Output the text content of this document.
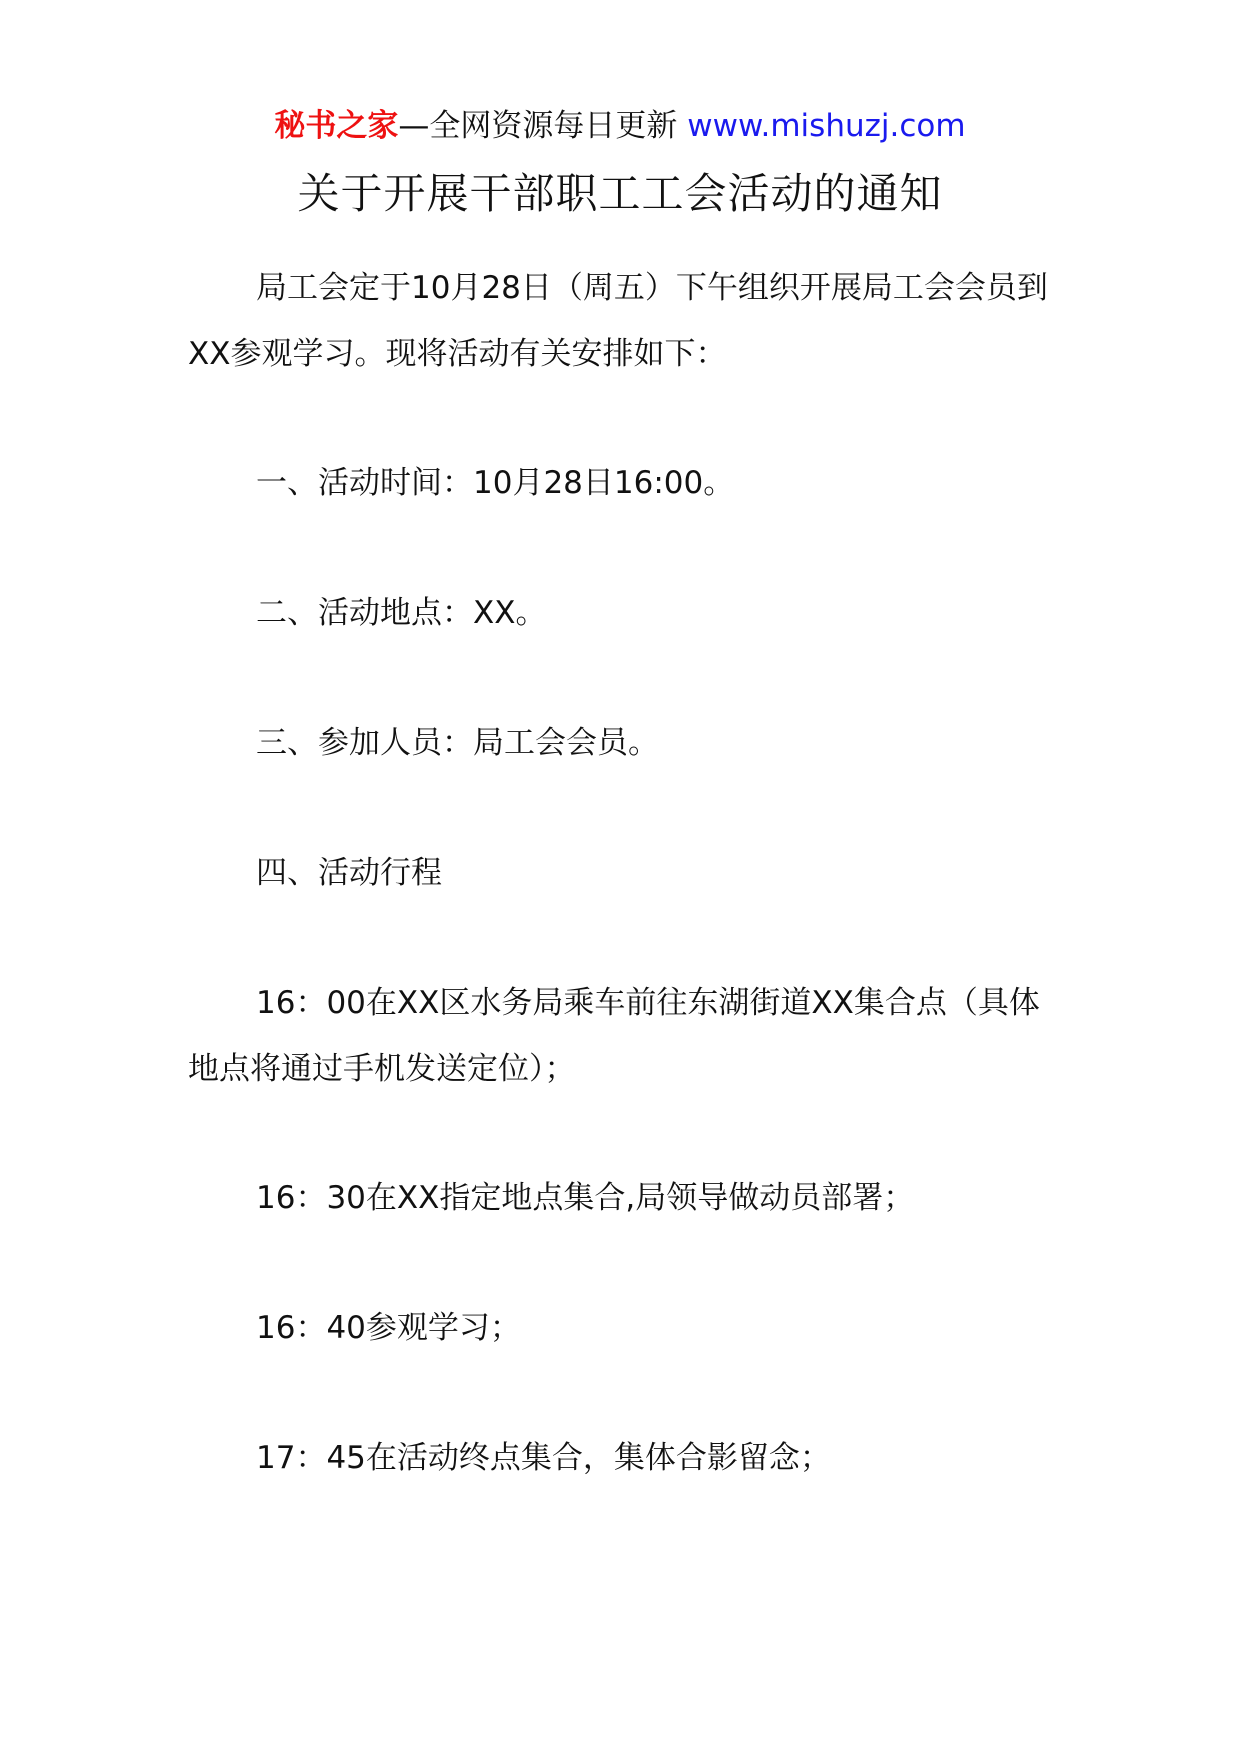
秘书之家—全网资源每日更新 www.mishuzj.com
关于开展干部职工工会活动的通知

局工会定于10月28日（周五）下午组织开展局工会会员到XX参观学习。现将活动有关安排如下：

一、活动时间：10月28日16:00。

二、活动地点：XX。

三、参加人员：局工会会员。

四、活动行程

16：00在XX区水务局乘车前往东湖街道XX集合点（具体地点将通过手机发送定位）；

16：30在XX指定地点集合,局领导做动员部署；

16：40参观学习；

17：45在活动终点集合，集体合影留念；
